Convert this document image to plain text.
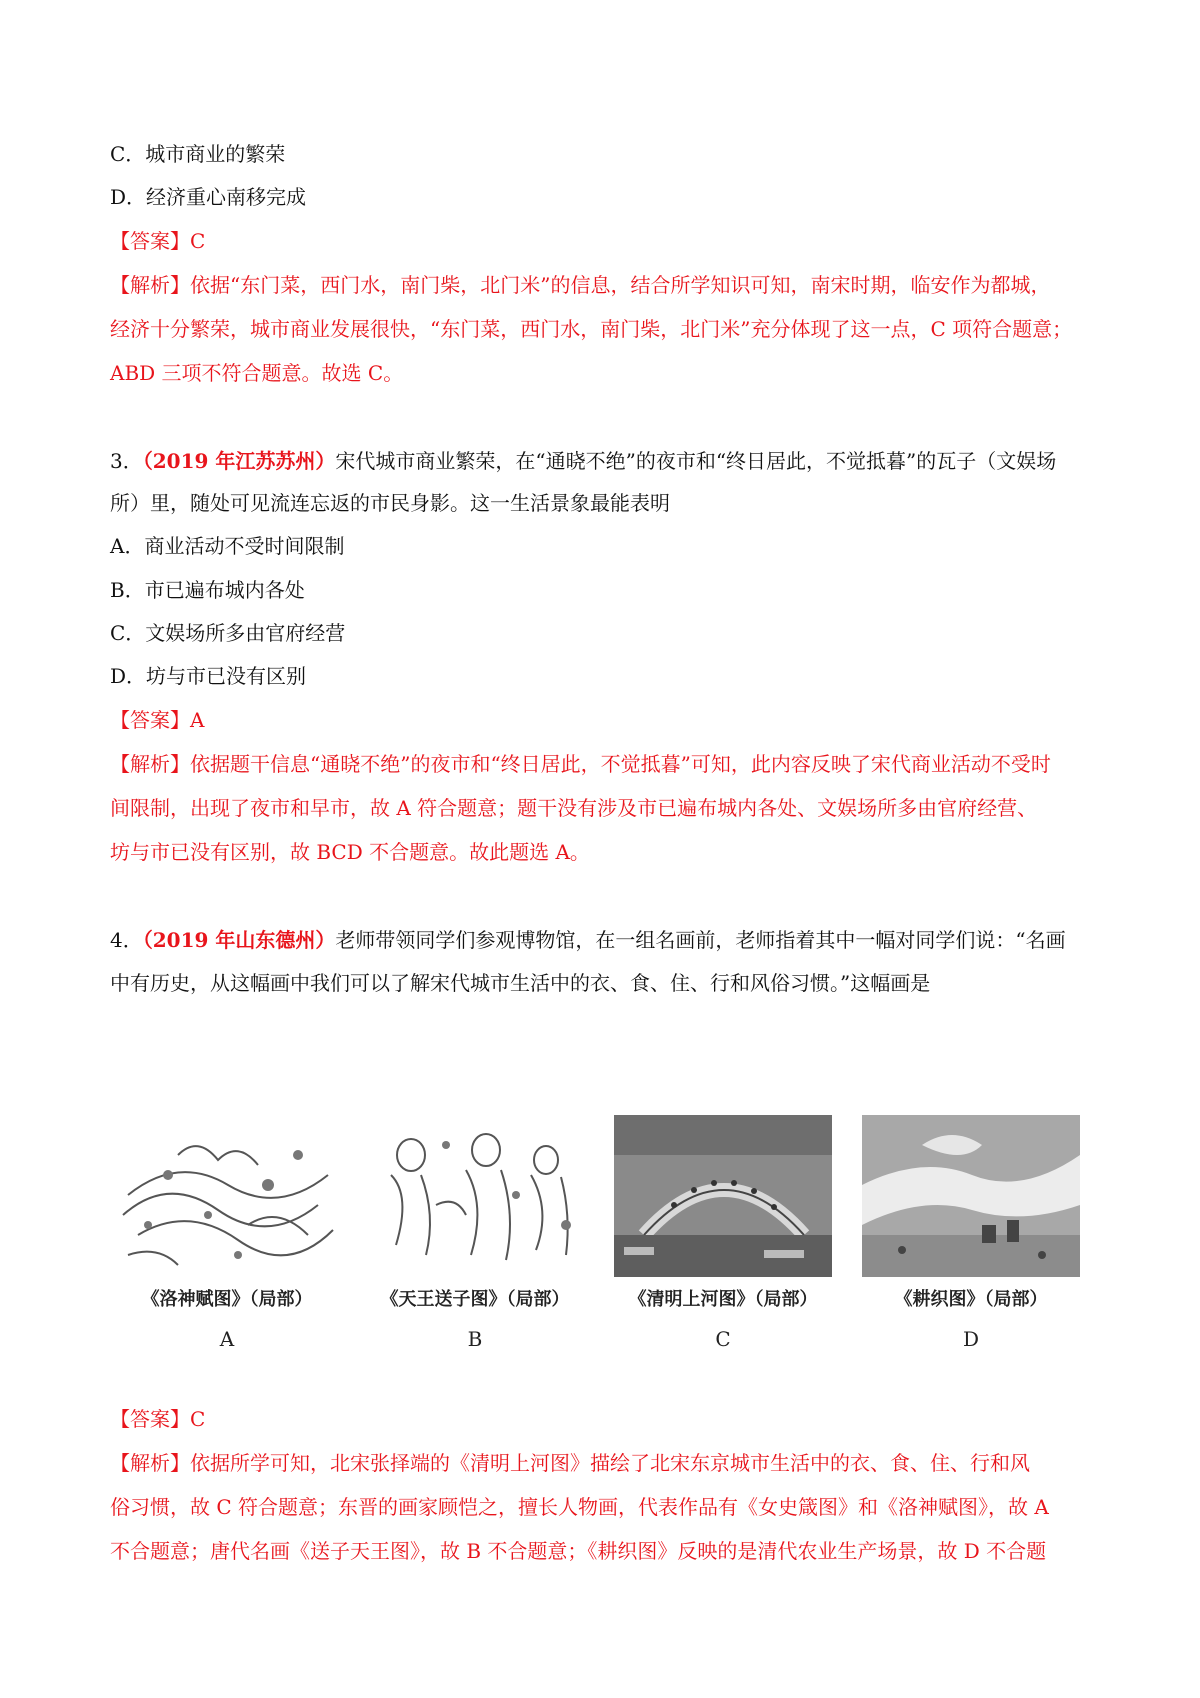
C．城市商业的繁荣
D．经济重心南移完成
【答案】C
【解析】依据“东门菜，西门水，南门柴，北门米”的信息，结合所学知识可知，南宋时期，临安作为都城，
经济十分繁荣，城市商业发展很快，“东门菜，西门水，南门柴，北门米”充分体现了这一点，C 项符合题意；
ABD 三项不符合题意。故选 C。
3．（2019 年江苏苏州）宋代城市商业繁荣，在“通晓不绝”的夜市和“终日居此，不觉抵暮”的瓦子（文娱场
所）里，随处可见流连忘返的市民身影。这一生活景象最能表明
A．商业活动不受时间限制
B．市已遍布城内各处
C．文娱场所多由官府经营
D．坊与市已没有区别
【答案】A
【解析】依据题干信息“通晓不绝”的夜市和“终日居此，不觉抵暮”可知，此内容反映了宋代商业活动不受时
间限制，出现了夜市和早市，故 A 符合题意；题干没有涉及市已遍布城内各处、文娱场所多由官府经营、
坊与市已没有区别，故 BCD 不合题意。故此题选 A。
4．（2019 年山东德州）老师带领同学们参观博物馆，在一组名画前，老师指着其中一幅对同学们说：“名画
中有历史，从这幅画中我们可以了解宋代城市生活中的衣、食、住、行和风俗习惯。”这幅画是
《洛神赋图》（局部）
A
《天王送子图》（局部）
B
《清明上河图》（局部）
C
《耕织图》（局部）
D
【答案】C
【解析】依据所学可知，北宋张择端的《清明上河图》描绘了北宋东京城市生活中的衣、食、住、行和风
俗习惯，故 C 符合题意；东晋的画家顾恺之，擅长人物画，代表作品有《女史箴图》和《洛神赋图》，故 A
不合题意；唐代名画《送子天王图》，故 B 不合题意；《耕织图》反映的是清代农业生产场景，故 D 不合题
